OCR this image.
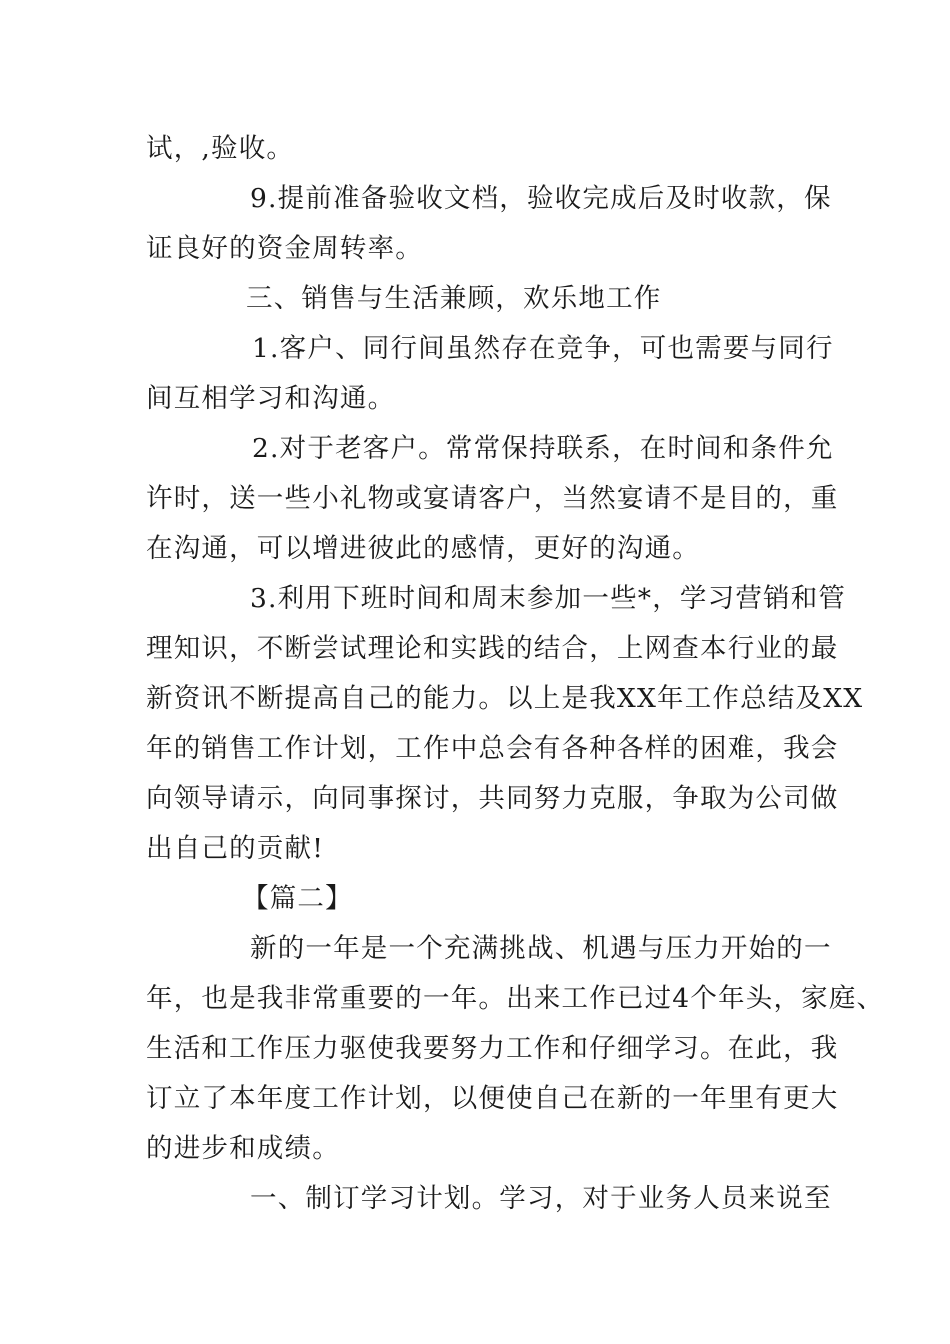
试，,验收。
9.提前准备验收文档，验收完成后及时收款，保
证良好的资金周转率。
三、销售与生活兼顾，欢乐地工作
1.客户、同行间虽然存在竞争，可也需要与同行
间互相学习和沟通。
2.对于老客户。常常保持联系，在时间和条件允
许时，送一些小礼物或宴请客户，当然宴请不是目的，重
在沟通，可以增进彼此的感情，更好的沟通。
3.利用下班时间和周末参加一些*，学习营销和管
理知识，不断尝试理论和实践的结合，上网查本行业的最
新资讯不断提高自己的能力。以上是我XX年工作总结及XX
年的销售工作计划，工作中总会有各种各样的困难，我会
向领导请示，向同事探讨，共同努力克服，争取为公司做
出自己的贡献!
【篇二】
新的一年是一个充满挑战、机遇与压力开始的一
年，也是我非常重要的一年。出来工作已过4个年头，家庭、
生活和工作压力驱使我要努力工作和仔细学习。在此，我
订立了本年度工作计划，以便使自己在新的一年里有更大
的进步和成绩。
一、制订学习计划。学习，对于业务人员来说至
